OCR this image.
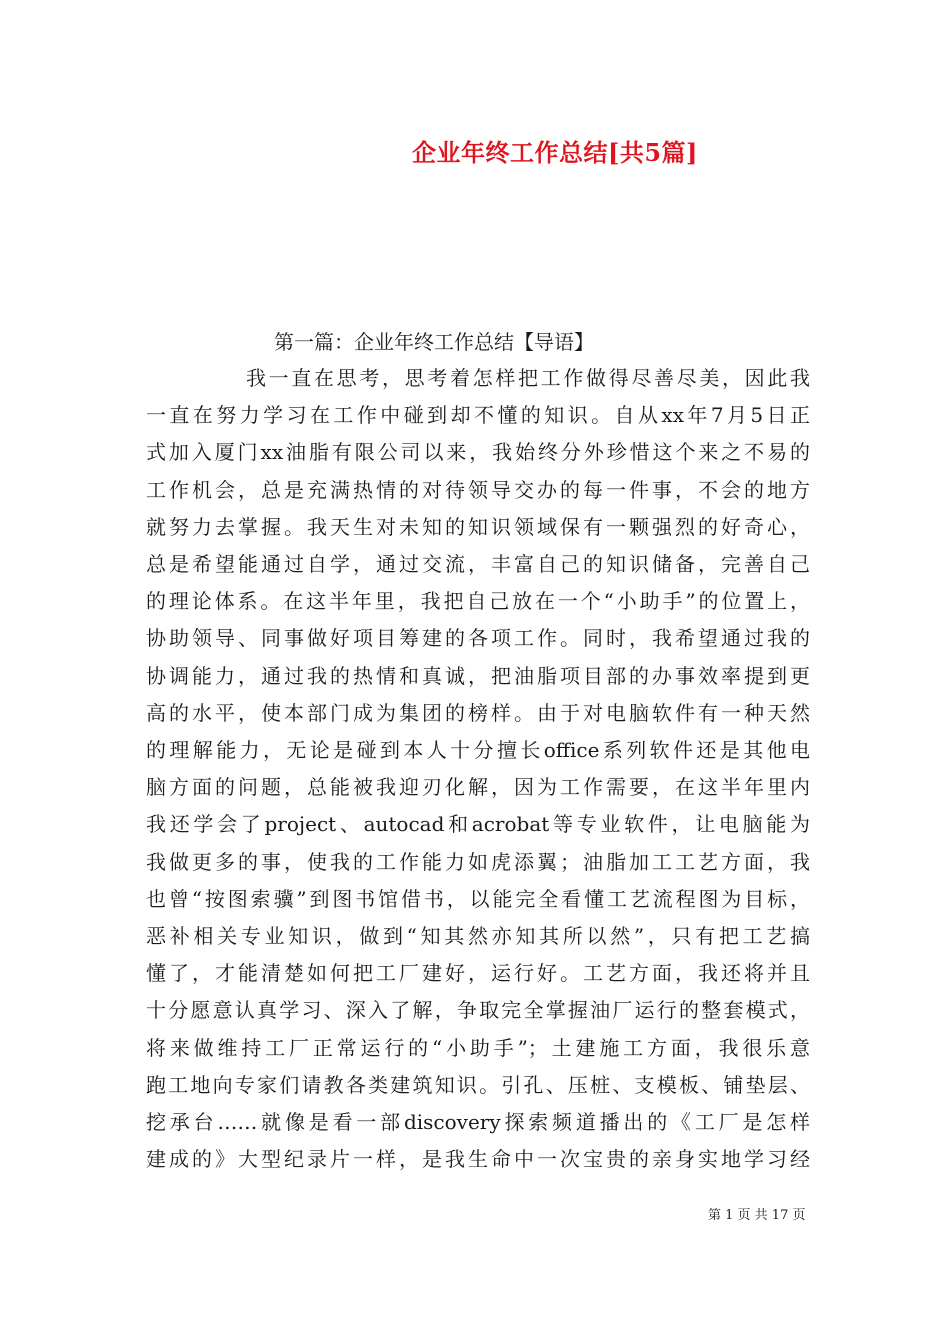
企业年终工作总结[共5篇]
第一篇：企业年终工作总结【导语】
我一直在思考，思考着怎样把工作做得尽善尽美，因此我
一直在努力学习在工作中碰到却不懂的知识。自从xx年7月5日正
式加入厦门xx油脂有限公司以来，我始终分外珍惜这个来之不易的
工作机会，总是充满热情的对待领导交办的每一件事，不会的地方
就努力去掌握。我天生对未知的知识领域保有一颗强烈的好奇心，
总是希望能通过自学，通过交流，丰富自己的知识储备，完善自己
的理论体系。在这半年里，我把自己放在一个“小助手”的位置上，
协助领导、同事做好项目筹建的各项工作。同时，我希望通过我的
协调能力，通过我的热情和真诚，把油脂项目部的办事效率提到更
高的水平，使本部门成为集团的榜样。由于对电脑软件有一种天然
的理解能力，无论是碰到本人十分擅长office系列软件还是其他电
脑方面的问题，总能被我迎刃化解，因为工作需要，在这半年里内
我还学会了project、autocad和acrobat等专业软件，让电脑能为
我做更多的事，使我的工作能力如虎添翼；油脂加工工艺方面，我
也曾“按图索骥”到图书馆借书，以能完全看懂工艺流程图为目标，
恶补相关专业知识，做到“知其然亦知其所以然”，只有把工艺搞
懂了，才能清楚如何把工厂建好，运行好。工艺方面，我还将并且
十分愿意认真学习、深入了解，争取完全掌握油厂运行的整套模式，
将来做维持工厂正常运行的“小助手”；土建施工方面，我很乐意
跑工地向专家们请教各类建筑知识。引孔、压桩、支模板、铺垫层、
挖承台……就像是看一部discovery探索频道播出的《工厂是怎样
建成的》大型纪录片一样，是我生命中一次宝贵的亲身实地学习经
第 1 页 共 17 页
